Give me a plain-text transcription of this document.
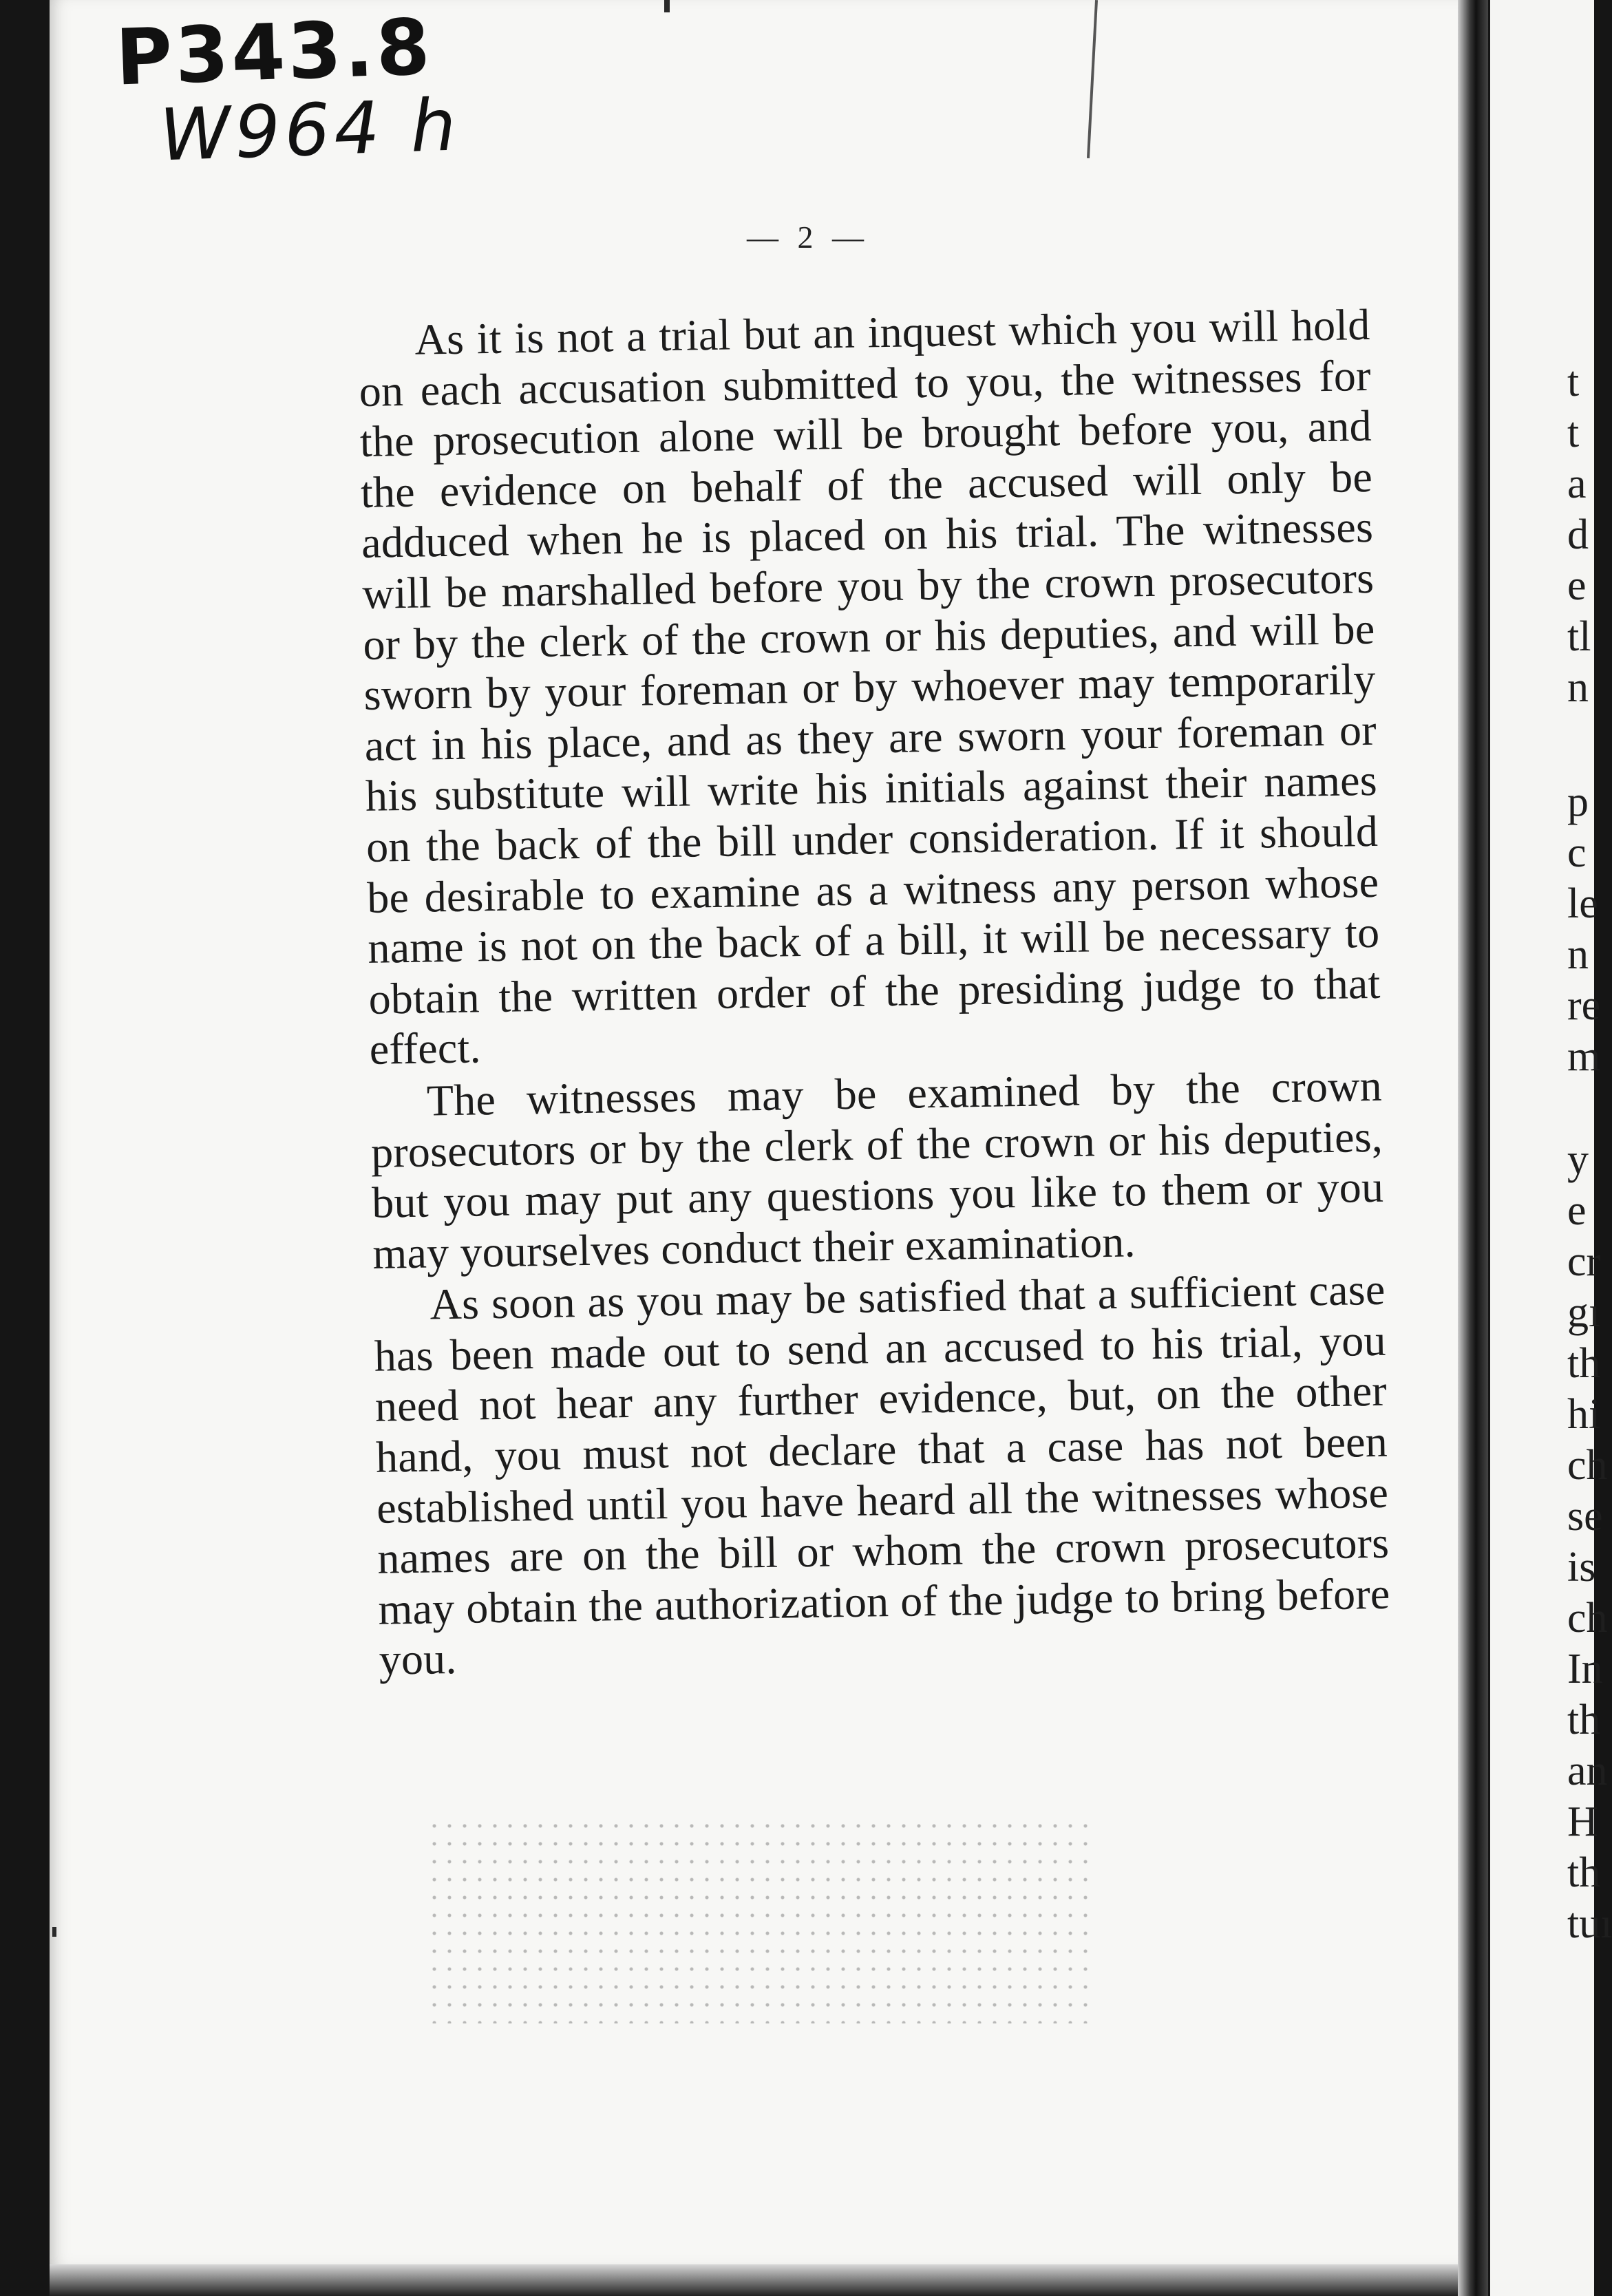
P343.8
W964 h
— 2 —

As it is not a trial but an inquest which you will hold on each accusation submitted to you, the witnesses for the prosecution alone will be brought before you, and the evidence on behalf of the accused will only be adduced when he is placed on his trial. The witnesses will be marshalled before you by the crown prosecutors or by the clerk of the crown or his deputies, and will be sworn by your foreman or by whoever may temporarily act in his place, and as they are sworn your foreman or his substitute will write his initials against their names on the back of the bill under consideration. If it should be desirable to examine as a witness any person whose name is not on the back of a bill, it will be necessary to obtain the written order of the presiding judge to that effect.

The witnesses may be examined by the crown prosecutors or by the clerk of the crown or his deputies, but you may put any questions you like to them or you may yourselves conduct their examination.

As soon as you may be satisfied that a sufficient case has been made out to send an accused to his trial, you need not hear any further evidence, but, on the other hand, you must not declare that a case has not been established until you have heard all the witnesses whose names are on the bill or whom the crown prosecutors may obtain the authorization of the judge to bring before you.

t
t
a
d
e
tl
n
p
c
le
n
re
m
y
e
cr
gı
th
hi
ch
se
is
ch
In
th
an
H
th
tuı
